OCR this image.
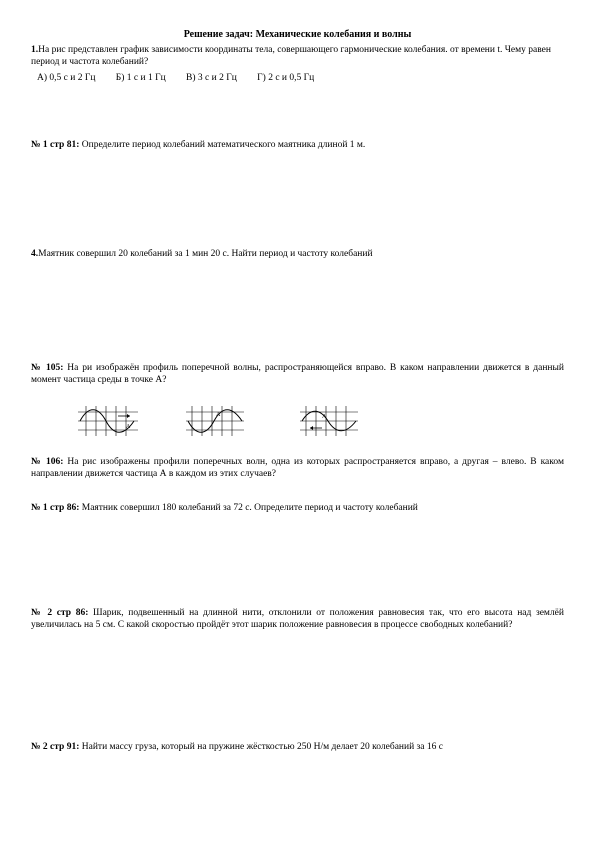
Решение задач: Механические колебания и волны
1.На рис представлен график зависимости координаты тела, совершающего гармонические колебания. от времени t. Чему равен период и частота колебаний?
А) 0,5 с и 2 Гц Б) 1 с и 1 Гц В) 3 с и 2 Гц Г) 2 с и 0,5 Гц
№ 1 стр 81: Определите период колебаний математического маятника длиной 1 м.
4.Маятник совершил 20 колебаний за 1 мин 20 с. Найти период и частоту колебаний
№ 105: На ри изображён профиль поперечной волны, распространяющейся вправо. В каком направлении движется в данный момент частица среды в точке А?
A
A	A
№ 106: На рис изображены профили поперечных волн, одна из которых распространяется вправо, а другая – влево. В каком направлении движется частица А в каждом из этих случаев?
№ 1 стр 86: Маятник совершил 180 колебаний за 72 с. Определите период и частоту колебаний
№ 2 стр 86: Шарик, подвешенный на длинной нити, отклонили от положения равновесия так, что его высота над землёй увеличилась на 5 см. С какой скоростью пройдёт этот шарик положение равновесия в процессе свободных колебаний?
№ 2 стр 91: Найти массу груза, который на пружине жёсткостью 250 Н/м делает 20 колебаний за 16 с
